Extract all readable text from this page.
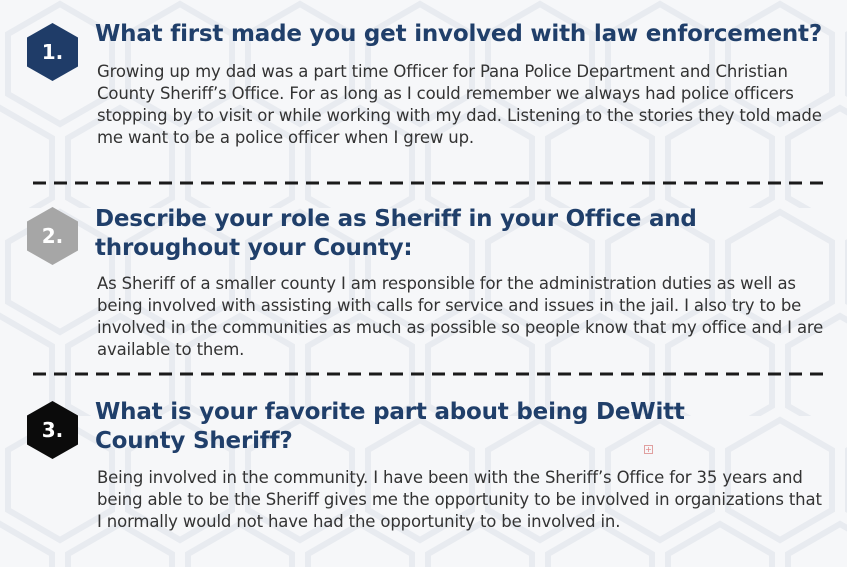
1.
What first made you get involved with law enforcement?

Growing up my dad was a part time Officer for Pana Police Department and Christian County Sheriff’s Office. For as long as I could remember we always had police officers stopping by to visit or while working with my dad. Listening to the stories they told made me want to be a police officer when I grew up.

2.
Describe your role as Sheriff in your Office and throughout your County:

As Sheriff of a smaller county I am responsible for the administration duties as well as being involved with assisting with calls for service and issues in the jail. I also try to be involved in the communities as much as possible so people know that my office and I are available to them.

3.
What is your favorite part about being DeWitt County Sheriff?

Being involved in the community. I have been with the Sheriff’s Office for 35 years and being able to be the Sheriff gives me the opportunity to be involved in organizations that I normally would not have had the opportunity to be involved in.

+
